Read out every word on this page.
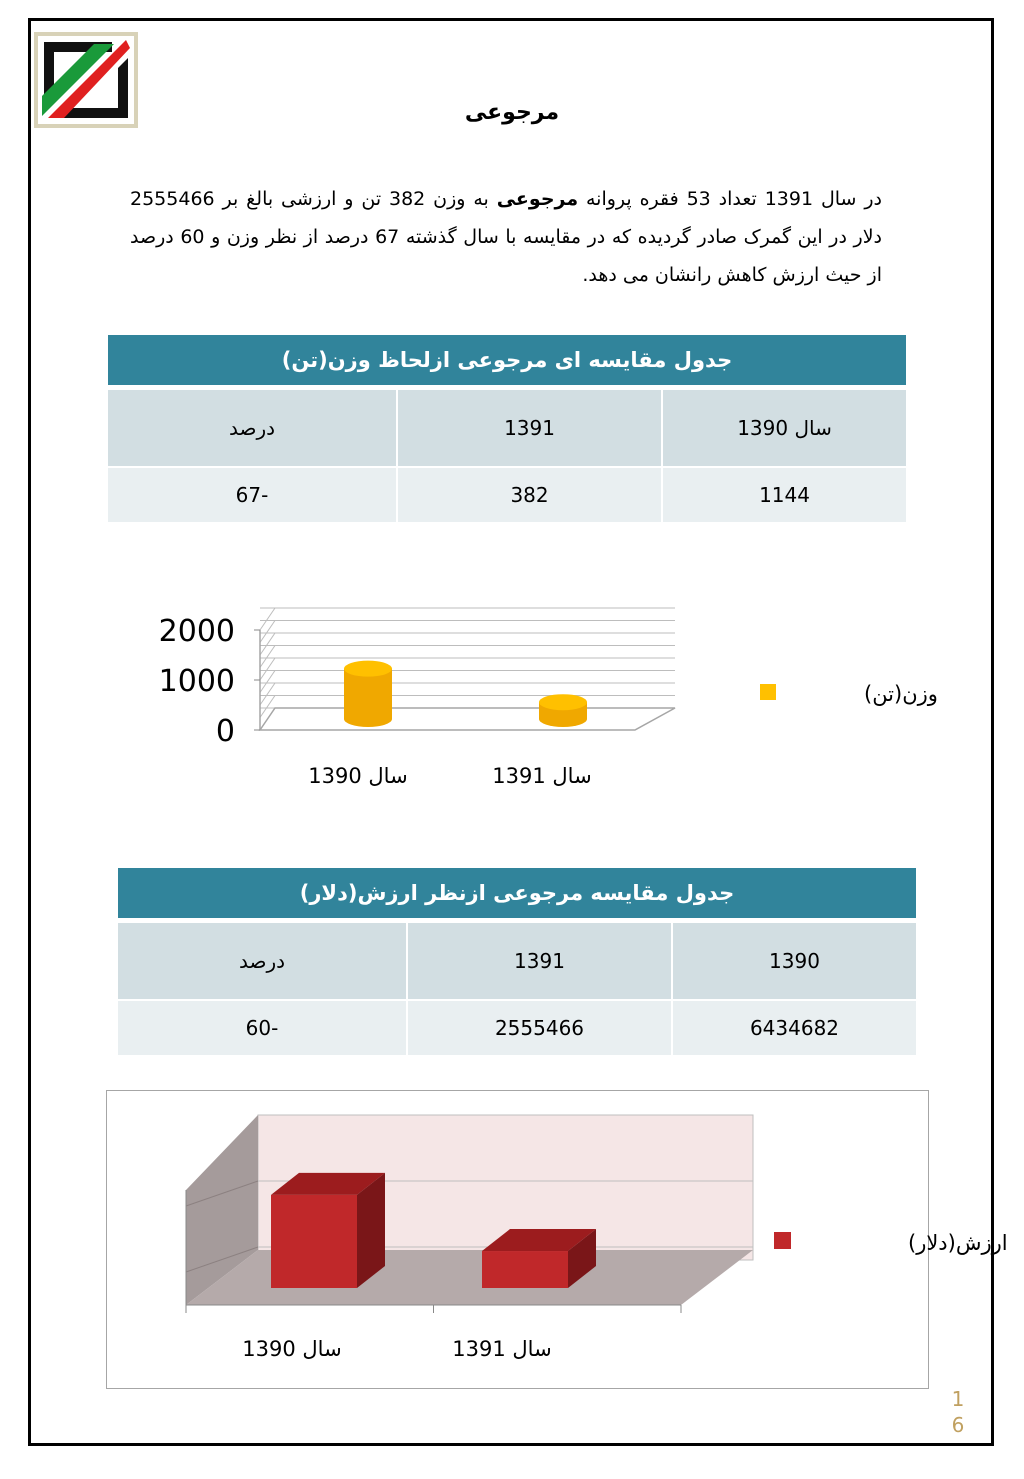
مرجوعی
در سال 1391 تعداد 53 فقره پروانه مرجوعی به وزن 382 تن و ارزشی بالغ بر 2555466 دلار در این گمرک صادر گردیده که در مقایسه با سال گذشته 67 درصد از نظر وزن و 60 درصد از حیث ارزش کاهش رانشان می دهد.
جدول مقایسه ای مرجوعی ازلحاظ وزن(تن)		
سال 1390	1391	درصد
1144	382	-67
0
1000
2000
سال 1390	سال 1391
وزن(تن)
جدول مقایسه مرجوعی ازنظر ارزش(دلار)		
1390	1391	درصد
6434682	2555466	-60
سال 1390	سال 1391
ارزش(دلار)
1
6
